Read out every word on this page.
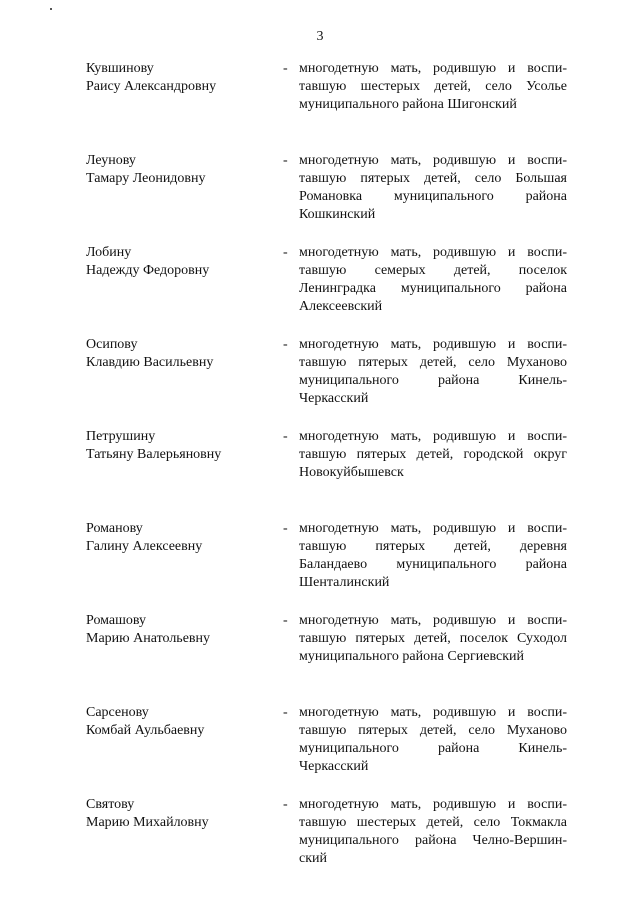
3
Кувшинову
Раису Александровну
- многодетную мать, родившую и воспи-
тавшую шестерых детей, село Усолье
муниципального района Шигонский
Леунову
Тамару Леонидовну
- многодетную мать, родившую и воспи-
тавшую пятерых детей, село Большая
Романовка муниципального района
Кошкинский
Лобину
Надежду Федоровну
- многодетную мать, родившую и воспи-
тавшую семерых детей, поселок
Ленинградка муниципального района
Алексеевский
Осипову
Клавдию Васильевну
- многодетную мать, родившую и воспи-
тавшую пятерых детей, село Муханово
муниципального района Кинель-
Черкасский
Петрушину
Татьяну Валерьяновну
- многодетную мать, родившую и воспи-
тавшую пятерых детей, городской округ
Новокуйбышевск
Романову
Галину Алексеевну
- многодетную мать, родившую и воспи-
тавшую пятерых детей, деревня
Баландаево муниципального района
Шенталинский
Ромашову
Марию Анатольевну
- многодетную мать, родившую и воспи-
тавшую пятерых детей, поселок Суходол
муниципального района Сергиевский
Сарсенову
Комбай Аульбаевну
- многодетную мать, родившую и воспи-
тавшую пятерых детей, село Муханово
муниципального района Кинель-
Черкасский
Святову
Марию Михайловну
- многодетную мать, родившую и воспи-
тавшую шестерых детей, село Токмакла
муниципального района Челно-Вершин-
ский
